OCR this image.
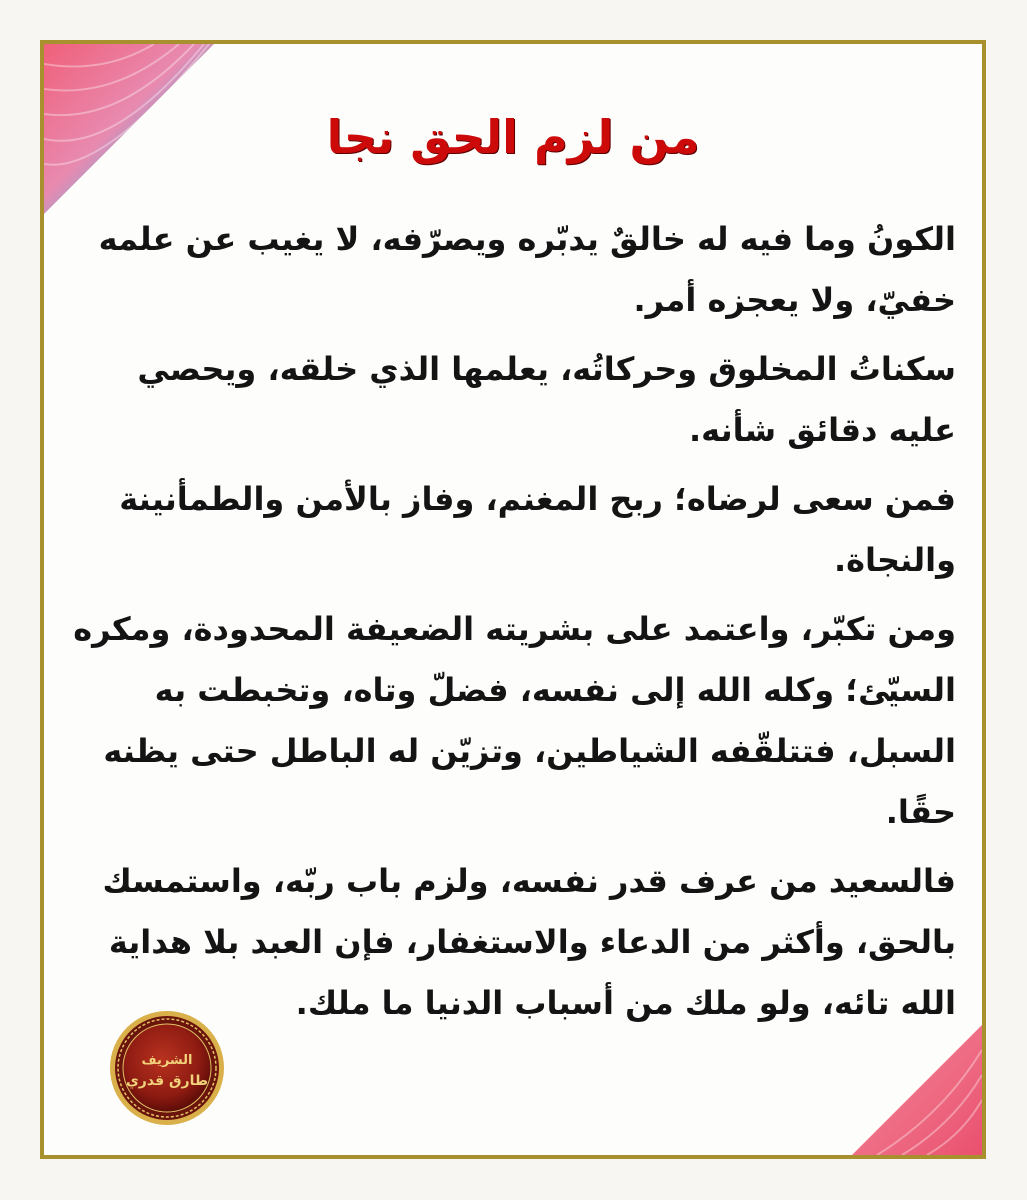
من لزم الحق نجا

الكونُ وما فيه له خالقٌ يدبّره ويصرّفه، لا يغيب عن علمه خفيّ، ولا يعجزه أمر.

سكناتُ المخلوق وحركاتُه، يعلمها الذي خلقه، ويحصي عليه دقائق شأنه.

فمن سعى لرضاه؛ ربح المغنم، وفاز بالأمن والطمأنينة والنجاة.

ومن تكبّر، واعتمد على بشريته الضعيفة المحدودة، ومكره السيّئ؛ وكله الله إلى نفسه، فضلّ وتاه، وتخبطت به السبل، فتتلقّفه الشياطين، وتزيّن له الباطل حتى يظنه حقًا.

فالسعيد من عرف قدر نفسه، ولزم باب ربّه، واستمسك بالحق، وأكثر من الدعاء والاستغفار، فإن العبد بلا هداية الله تائه، ولو ملك من أسباب الدنيا ما ملك.

الشريف
طارق قدري
